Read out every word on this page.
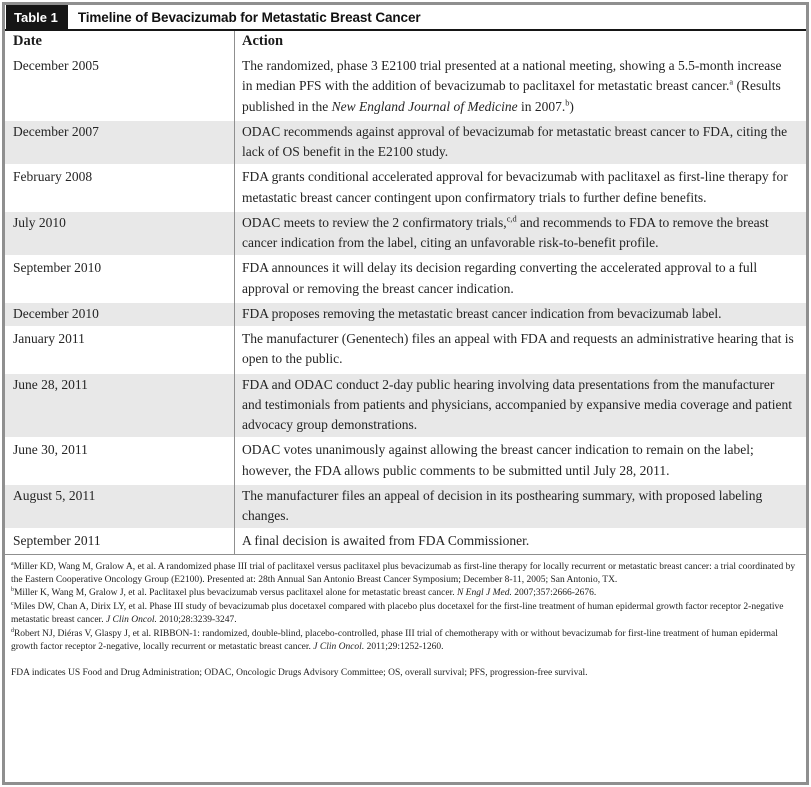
Table 1	Timeline of Bevacizumab for Metastatic Breast Cancer
Date	Action
December 2005	The randomized, phase 3 E2100 trial presented at a national meeting, showing a 5.5-month increase in median PFS with the addition of bevacizumab to paclitaxel for metastatic breast cancer.$^a$ (Results published in the New England Journal of Medicine in 2007.$^b$)
December 2007	ODAC recommends against approval of bevacizumab for metastatic breast cancer to FDA, citing the lack of OS benefit in the E2100 study.
February 2008	FDA grants conditional accelerated approval for bevacizumab with paclitaxel as first-line therapy for metastatic breast cancer contingent upon confirmatory trials to further define benefits.
July 2010	ODAC meets to review the 2 confirmatory trials,$^{c,d}$ and recommends to FDA to remove the breast cancer indication from the label, citing an unfavorable risk-to-benefit profile.
September 2010	FDA announces it will delay its decision regarding converting the accelerated approval to a full approval or removing the breast cancer indication.
December 2010	FDA proposes removing the metastatic breast cancer indication from bevacizumab label.
January 2011	The manufacturer (Genentech) files an appeal with FDA and requests an administrative hearing that is open to the public.
June 28, 2011	FDA and ODAC conduct 2-day public hearing involving data presentations from the manufacturer and testimonials from patients and physicians, accompanied by expansive media coverage and patient advocacy group demonstrations.
June 30, 2011	ODAC votes unanimously against allowing the breast cancer indication to remain on the label; however, the FDA allows public comments to be submitted until July 28, 2011.
August 5, 2011	The manufacturer files an appeal of decision in its posthearing summary, with proposed labeling changes.
September 2011	A final decision is awaited from FDA Commissioner.

$^a$Miller KD, Wang M, Gralow A, et al. A randomized phase III trial of paclitaxel versus paclitaxel plus bevacizumab as first-line therapy for locally recurrent or metastatic breast cancer: a trial coordinated by the Eastern Cooperative Oncology Group (E2100). Presented at: 28th Annual San Antonio Breast Cancer Symposium; December 8-11, 2005; San Antonio, TX.

$^b$Miller K, Wang M, Gralow J, et al. Paclitaxel plus bevacizumab versus paclitaxel alone for metastatic breast cancer. N Engl J Med. 2007;357:2666-2676.

$^c$Miles DW, Chan A, Dirix LY, et al. Phase III study of bevacizumab plus docetaxel compared with placebo plus docetaxel for the first-line treatment of human epidermal growth factor receptor 2-negative metastatic breast cancer. J Clin Oncol. 2010;28:3239-3247.

$^d$Robert NJ, Diéras V, Glaspy J, et al. RIBBON-1: randomized, double-blind, placebo-controlled, phase III trial of chemotherapy with or without bevacizumab for first-line treatment of human epidermal growth factor receptor 2-negative, locally recurrent or metastatic breast cancer. J Clin Oncol. 2011;29:1252-1260.

FDA indicates US Food and Drug Administration; ODAC, Oncologic Drugs Advisory Committee; OS, overall survival; PFS, progression-free survival.
